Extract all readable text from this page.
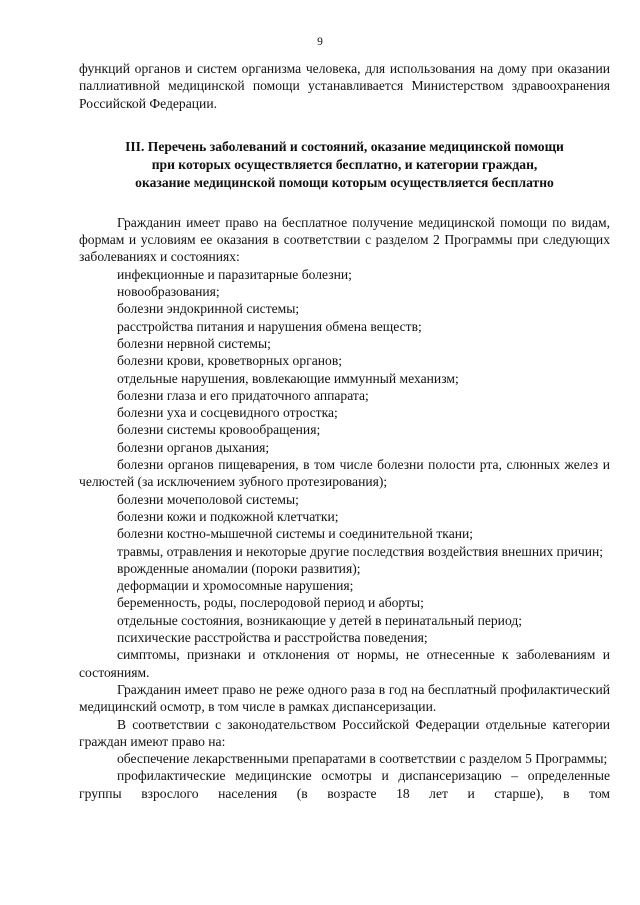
9

функций органов и систем организма человека, для использования на дому при оказании паллиативной медицинской помощи устанавливается Министерством здравоохранения Российской Федерации.

III. Перечень заболеваний и состояний, оказание медицинской помощи
при которых осуществляется бесплатно, и категории граждан,
оказание медицинской помощи которым осуществляется бесплатно

Гражданин имеет право на бесплатное получение медицинской помощи по видам, формам и условиям ее оказания в соответствии с разделом 2 Программы при следующих заболеваниях и состояниях:

инфекционные и паразитарные болезни;

новообразования;

болезни эндокринной системы;

расстройства питания и нарушения обмена веществ;

болезни нервной системы;

болезни крови, кроветворных органов;

отдельные нарушения, вовлекающие иммунный механизм;

болезни глаза и его придаточного аппарата;

болезни уха и сосцевидного отростка;

болезни системы кровообращения;

болезни органов дыхания;

болезни органов пищеварения, в том числе болезни полости рта, слюнных желез и челюстей (за исключением зубного протезирования);

болезни мочеполовой системы;

болезни кожи и подкожной клетчатки;

болезни костно-мышечной системы и соединительной ткани;

травмы, отравления и некоторые другие последствия воздействия внешних причин;

врожденные аномалии (пороки развития);

деформации и хромосомные нарушения;

беременность, роды, послеродовой период и аборты;

отдельные состояния, возникающие у детей в перинатальный период;

психические расстройства и расстройства поведения;

симптомы, признаки и отклонения от нормы, не отнесенные к заболеваниям и состояниям.

Гражданин имеет право не реже одного раза в год на бесплатный профилактический медицинский осмотр, в том числе в рамках диспансеризации.

В соответствии с законодательством Российской Федерации отдельные категории граждан имеют право на:

обеспечение лекарственными препаратами в соответствии с разделом 5 Программы;

профилактические медицинские осмотры и диспансеризацию – определенные группы взрослого населения (в возрасте 18 лет и старше), в том
